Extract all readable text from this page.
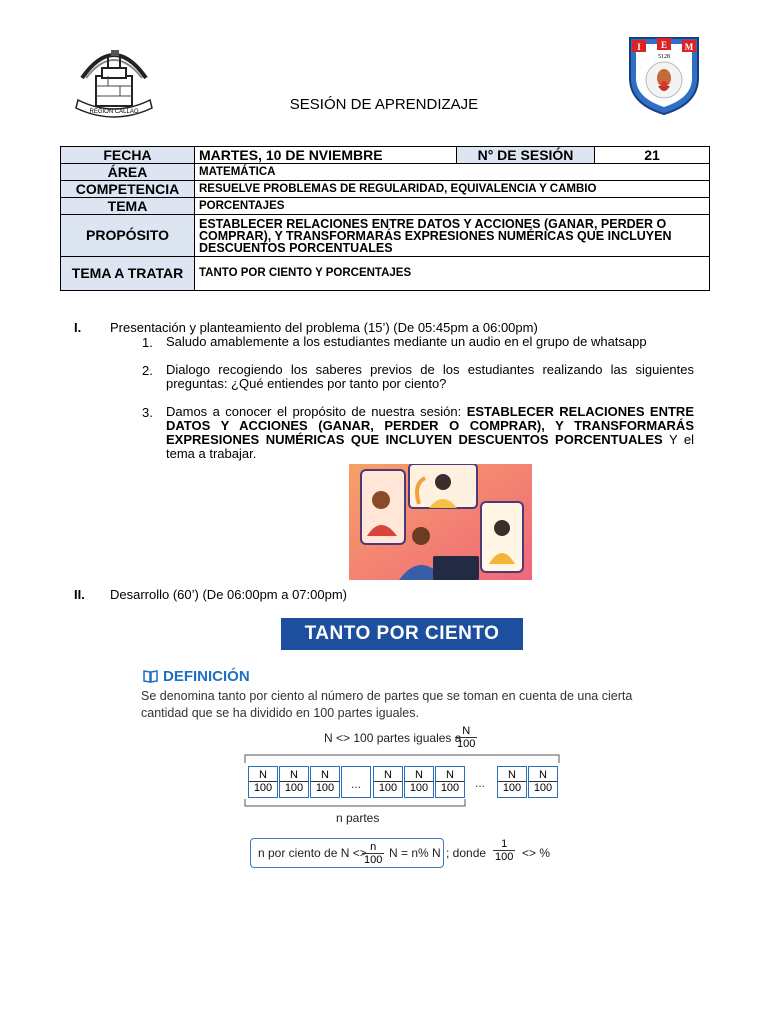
REGION CALLAO
I E M
5128
SESIÓN DE APRENDIZAJE
FECHA	MARTES, 10 DE NVIEMBRE	N° DE SESIÓN	21
ÁREA	MATEMÁTICA		
COMPETENCIA	RESUELVE PROBLEMAS DE REGULARIDAD, EQUIVALENCIA Y CAMBIO		
TEMA	PORCENTAJES		
PROPÓSITO	ESTABLECER RELACIONES ENTRE DATOS Y ACCIONES (GANAR, PERDER O COMPRAR), Y TRANSFORMARÁS EXPRESIONES NUMÉRICAS QUE INCLUYEN DESCUENTOS PORCENTUALES		
TEMA A TRATAR	TANTO POR CIENTO Y PORCENTAJES		
I. Presentación y planteamiento del problema (15’) (De 05:45pm a 06:00pm)
1. Saludo amablemente a los estudiantes mediante un audio en el grupo de whatsapp
2. Dialogo recogiendo los saberes previos de los estudiantes realizando las siguientes preguntas: ¿Qué entiendes por tanto por ciento?
3. Damos a conocer el propósito de nuestra sesión: ESTABLECER RELACIONES ENTRE DATOS Y ACCIONES (GANAR, PERDER O COMPRAR), Y TRANSFORMARÁS EXPRESIONES NUMÉRICAS QUE INCLUYEN DESCUENTOS PORCENTUALES Y el tema a trabajar.
II. Desarrollo (60’) (De 06:00pm a 07:00pm)
TANTO POR CIENTO
DEFINICIÓN
Se denomina tanto por ciento al número de partes que se toman en cuenta de una cierta cantidad que se ha dividido en 100 partes iguales.
N <> 100 partes iguales a
$\frac{N}{100}$
$\frac{N}{100} \frac{N}{100} \frac{N}{100}$ ...	$\frac{N}{100} \frac{N}{100} \frac{N}{100}$ ...	$\frac{N}{100} \frac{N}{100}$
n partes
n por ciento de N <>
$\frac{n}{100}$ N = n% N ; donde $\frac{1}{100}$ <> %
